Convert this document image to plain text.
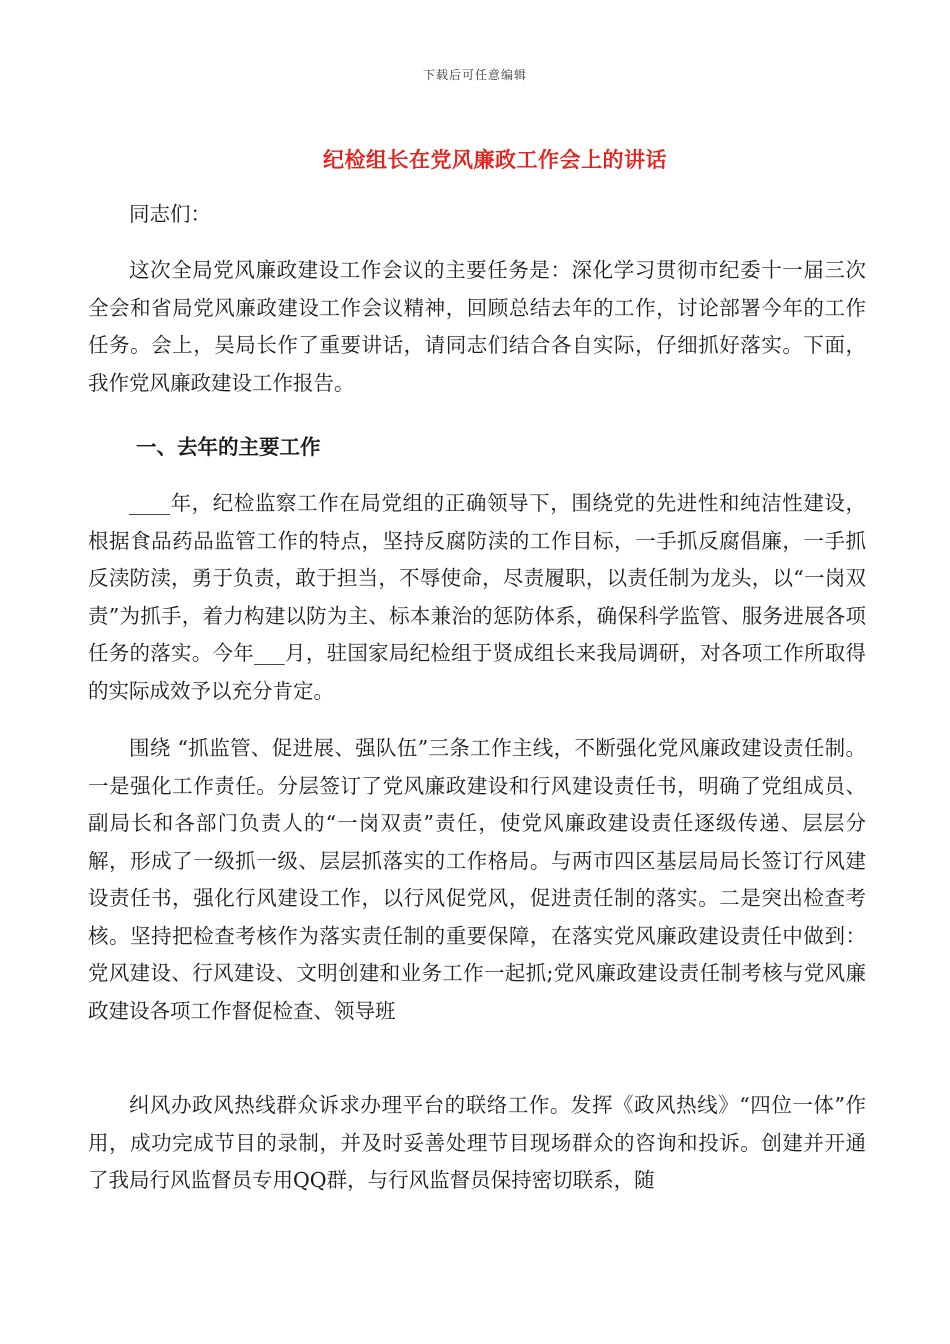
下载后可任意编辑
纪检组长在党风廉政工作会上的讲话

同志们：

这次全局党风廉政建设工作会议的主要任务是：深化学习贯彻市纪委十一届三次全会和省局党风廉政建设工作会议精神，回顾总结去年的工作，讨论部署今年的工作任务。会上，吴局长作了重要讲话，请同志们结合各自实际，仔细抓好落实。下面，我作党风廉政建设工作报告。

一、去年的主要工作

____年，纪检监察工作在局党组的正确领导下，围绕党的先进性和纯洁性建设，根据食品药品监管工作的特点，坚持反腐防渎的工作目标，一手抓反腐倡廉，一手抓反渎防渎，勇于负责，敢于担当，不辱使命，尽责履职，以责任制为龙头，以“一岗双责”为抓手，着力构建以防为主、标本兼治的惩防体系，确保科学监管、服务进展各项任务的落实。今年___月，驻国家局纪检组于贤成组长来我局调研，对各项工作所取得的实际成效予以充分肯定。

围绕 “抓监管、促进展、强队伍”三条工作主线，不断强化党风廉政建设责任制。一是强化工作责任。分层签订了党风廉政建设和行风建设责任书，明确了党组成员、副局长和各部门负责人的“一岗双责”责任，使党风廉政建设责任逐级传递、层层分解，形成了一级抓一级、层层抓落实的工作格局。与两市四区基层局局长签订行风建设责任书，强化行风建设工作，以行风促党风，促进责任制的落实。二是突出检查考核。坚持把检查考核作为落实责任制的重要保障，在落实党风廉政建设责任中做到：党风建设、行风建设、文明创建和业务工作一起抓;党风廉政建设责任制考核与党风廉政建设各项工作督促检查、领导班

纠风办政风热线群众诉求办理平台的联络工作。发挥《政风热线》“四位一体”作用，成功完成节目的录制，并及时妥善处理节目现场群众的咨询和投诉。创建并开通了我局行风监督员专用QQ群，与行风监督员保持密切联系，随
